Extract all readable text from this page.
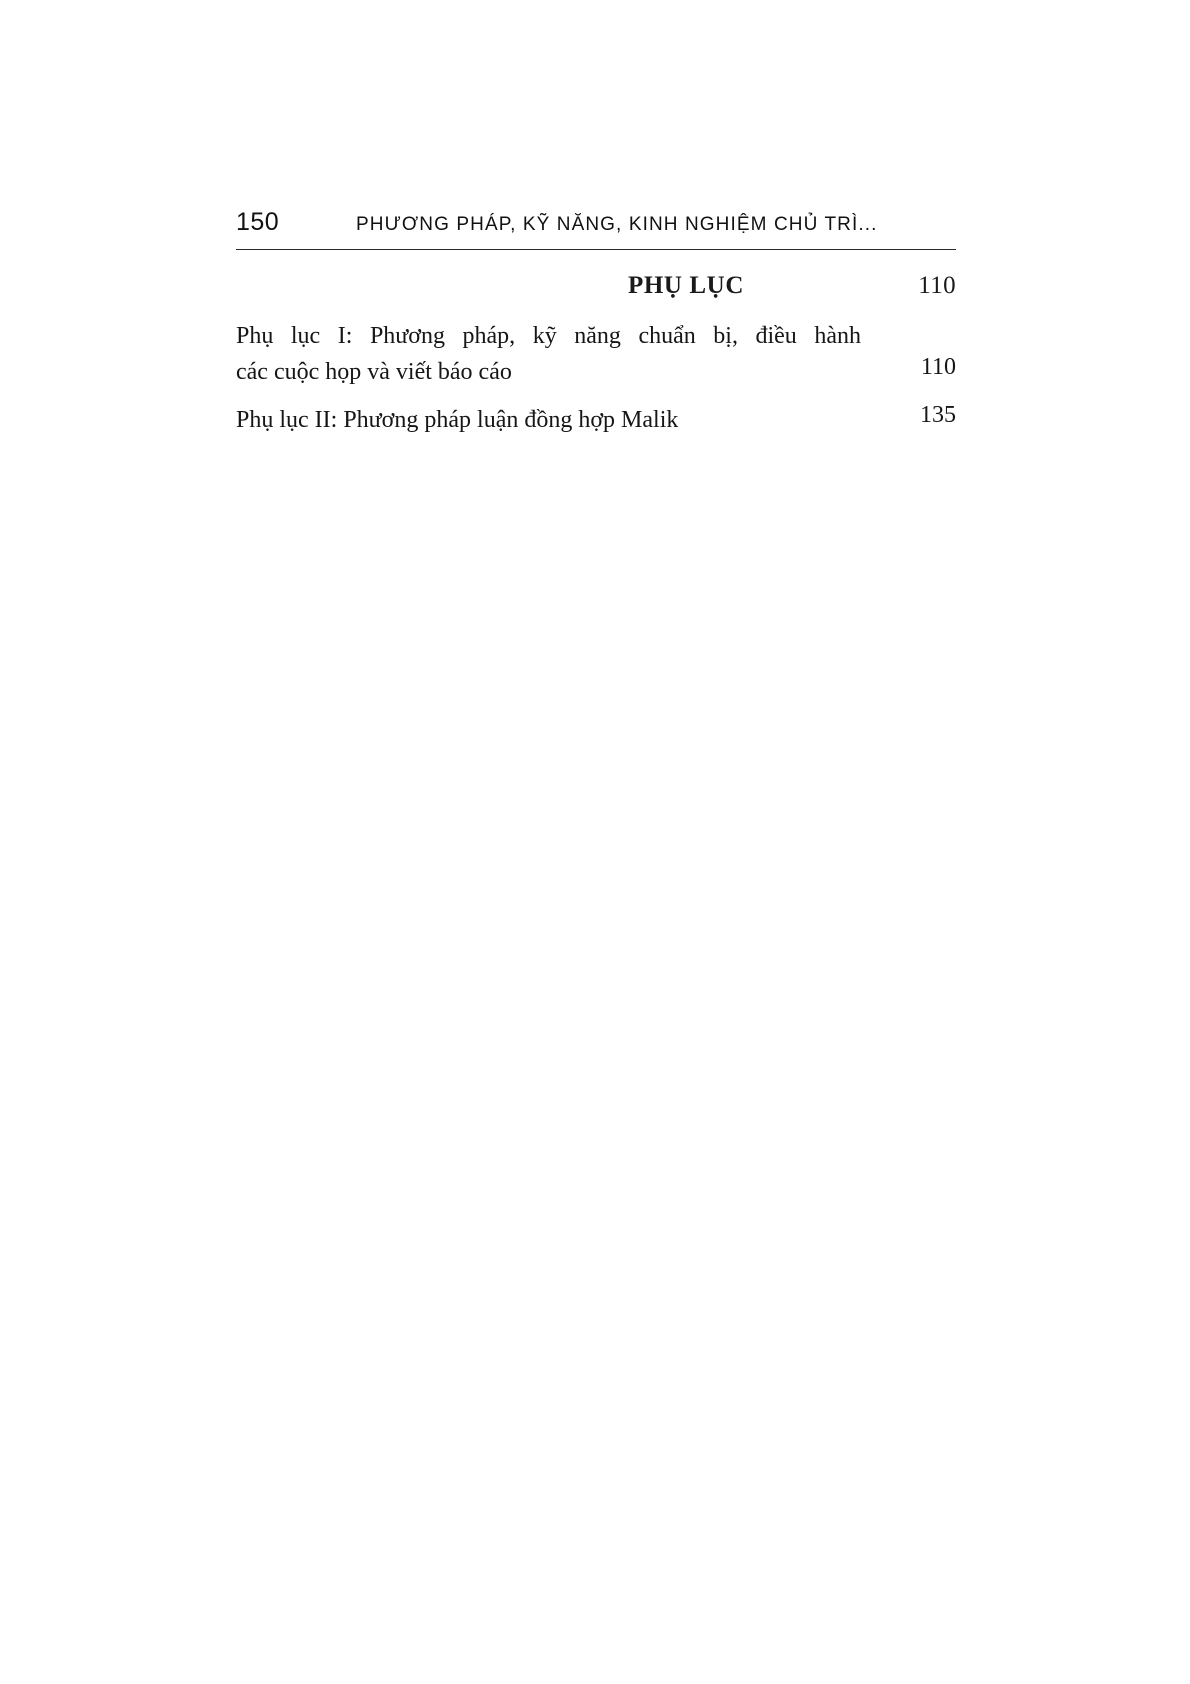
150	PHƯƠNG PHÁP, KỸ NĂNG, KINH NGHIỆM CHỦ TRÌ...
PHỤ LỤC	110
Phụ lục I: Phương pháp, kỹ năng chuẩn bị, điều hành
các cuộc họp và viết báo cáo	110
Phụ lục II: Phương pháp luận đồng hợp Malik	135
